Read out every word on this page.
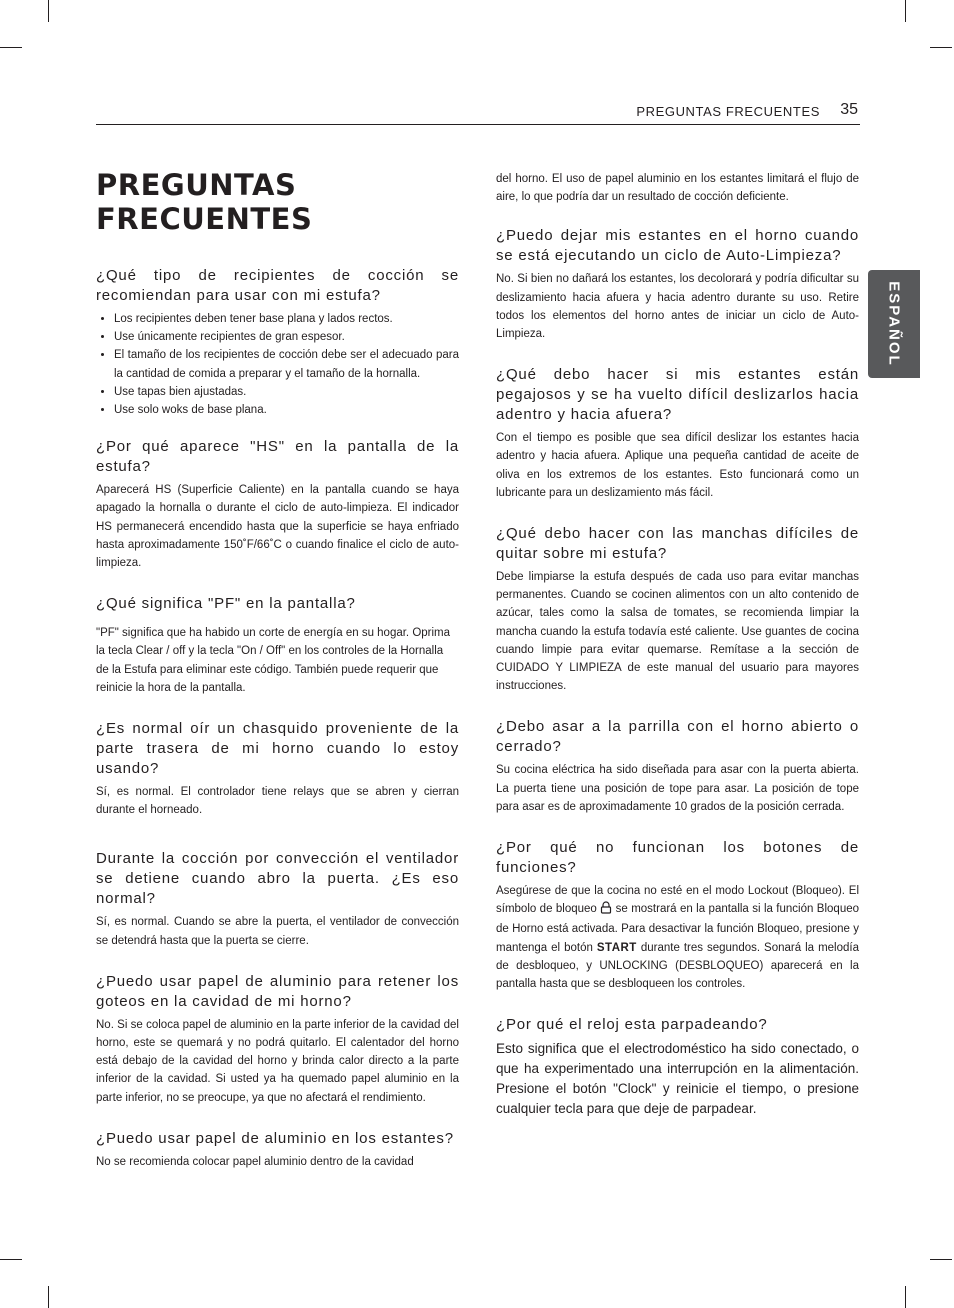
PREGUNTAS FRECUENTES 35
ESPAÑOL
PREGUNTAS FRECUENTES
¿Qué tipo de recipientes de cocción se recomiendan para usar con mi estufa?
• Los recipientes deben tener base plana y lados rectos.
• Use únicamente recipientes de gran espesor.
• El tamaño de los recipientes de cocción debe ser el adecuado para la cantidad de comida a preparar y el tamaño de la hornalla.
• Use tapas bien ajustadas.
• Use solo woks de base plana.
¿Por qué aparece "HS" en la pantalla de la estufa?

Aparecerá HS (Superficie Caliente) en la pantalla cuando se haya apagado la hornalla o durante el ciclo de auto-limpieza. El indicador HS permanecerá encendido hasta que la superficie se haya enfriado hasta aproximadamente 150˚F/66˚C o cuando finalice el ciclo de auto-limpieza.

¿Qué significa "PF" en la pantalla?

"PF" significa que ha habido un corte de energía en su hogar. Oprima la tecla Clear / off y la tecla "On / Off" en los controles de la Hornalla de la Estufa para eliminar este código. También puede requerir que reinicie la hora de la pantalla.

¿Es normal oír un chasquido proveniente de la parte trasera de mi horno cuando lo estoy usando?

Sí, es normal. El controlador tiene relays que se abren y cierran durante el horneado.

Durante la cocción por convección el ventilador se detiene cuando abro la puerta. ¿Es eso normal?

Sí, es normal. Cuando se abre la puerta, el ventilador de convección se detendrá hasta que la puerta se cierre.

¿Puedo usar papel de aluminio para retener los goteos en la cavidad de mi horno?

No. Si se coloca papel de aluminio en la parte inferior de la cavidad del horno, este se quemará y no podrá quitarlo. El calentador del horno está debajo de la cavidad del horno y brinda calor directo a la parte inferior de la cavidad. Si usted ya ha quemado papel aluminio en la parte inferior, no se preocupe, ya que no afectará el rendimiento.

¿Puedo usar papel de aluminio en los estantes?

No se recomienda colocar papel aluminio dentro de la cavidad

del horno. El uso de papel aluminio en los estantes limitará el flujo de aire, lo que podría dar un resultado de cocción deficiente.

¿Puedo dejar mis estantes en el horno cuando se está ejecutando un ciclo de Auto-Limpieza?

No. Si bien no dañará los estantes, los decolorará y podría dificultar su deslizamiento hacia afuera y hacia adentro durante su uso. Retire todos los elementos del horno antes de iniciar un ciclo de Auto-Limpieza.

¿Qué debo hacer si mis estantes están pegajosos y se ha vuelto difícil deslizarlos hacia adentro y hacia afuera?

Con el tiempo es posible que sea difícil deslizar los estantes hacia adentro y hacia afuera. Aplique una pequeña cantidad de aceite de oliva en los extremos de los estantes. Esto funcionará como un lubricante para un deslizamiento más fácil.

¿Qué debo hacer con las manchas difíciles de quitar sobre mi estufa?

Debe limpiarse la estufa después de cada uso para evitar manchas permanentes. Cuando se cocinen alimentos con un alto contenido de azúcar, tales como la salsa de tomates, se recomienda limpiar la mancha cuando la estufa todavía esté caliente. Use guantes de cocina cuando limpie para evitar quemarse. Remítase a la sección de CUIDADO Y LIMPIEZA de este manual del usuario para mayores instrucciones.

¿Debo asar a la parrilla con el horno abierto o cerrado?

Su cocina eléctrica ha sido diseñada para asar con la puerta abierta. La puerta tiene una posición de tope para asar. La posición de tope para asar es de aproximadamente 10 grados de la posición cerrada.

¿Por qué no funcionan los botones de funciones?

Asegúrese de que la cocina no esté en el modo Lockout (Bloqueo). El símbolo de bloqueo se mostrará en la pantalla si la función Bloqueo de Horno está activada. Para desactivar la función Bloqueo, presione y mantenga el botón START durante tres segundos. Sonará la melodía de desbloqueo, y UNLOCKING (DESBLOQUEO) aparecerá en la pantalla hasta que se desbloqueen los controles.

¿Por qué el reloj esta parpadeando?

Esto significa que el electrodoméstico ha sido conectado, o que ha experimentado una interrupción en la alimentación. Presione el botón "Clock" y reinicie el tiempo, o presione cualquier tecla para que deje de parpadear.
